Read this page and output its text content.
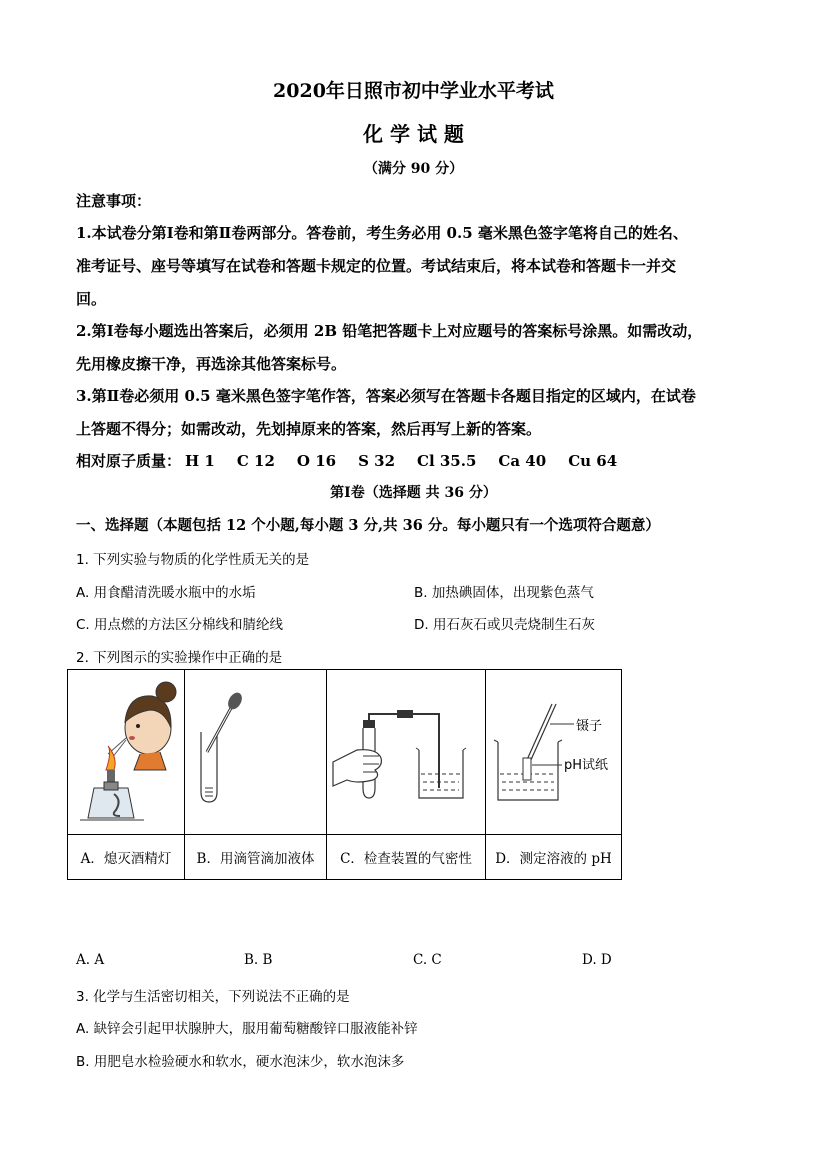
2020年日照市初中学业水平考试
化 学 试 题
（满分 90 分）
注意事项：
1.本试卷分第Ⅰ卷和第Ⅱ卷两部分。答卷前，考生务必用 0.5 毫米黑色签字笔将自己的姓名、
准考证号、座号等填写在试卷和答题卡规定的位置。考试结束后，将本试卷和答题卡一并交
回。
2.第Ⅰ卷每小题选出答案后，必须用 2B 铅笔把答题卡上对应题号的答案标号涂黑。如需改动，
先用橡皮擦干净，再选涂其他答案标号。
3.第Ⅱ卷必须用 0.5 毫米黑色签字笔作答，答案必须写在答题卡各题目指定的区域内，在试卷
上答题不得分；如需改动，先划掉原来的答案，然后再写上新的答案。
相对原子质量： H 1 C 12 O 16 S 32 Cl 35.5 Ca 40 Cu 64
第Ⅰ卷（选择题 共 36 分）
一、选择题（本题包括 12 个小题,每小题 3 分,共 36 分。每小题只有一个选项符合题意）
1. 下列实验与物质的化学性质无关的是
A. 用食醋清洗暖水瓶中的水垢	B. 加热碘固体，出现紫色蒸气
C. 用点燃的方法区分棉线和腈纶线	D. 用石灰石或贝壳烧制生石灰
2. 下列图示的实验操作中正确的是

镊子
pH试纸

A．熄灭酒精灯	B．用滴管滴加液体	C．检查装置的气密性	D．测定溶液的 pH
A. A	B. B	C. C	D. D
3. 化学与生活密切相关，下列说法不正确的是
A. 缺锌会引起甲状腺肿大，服用葡萄糖酸锌口服液能补锌
B. 用肥皂水检验硬水和软水，硬水泡沫少，软水泡沫多
